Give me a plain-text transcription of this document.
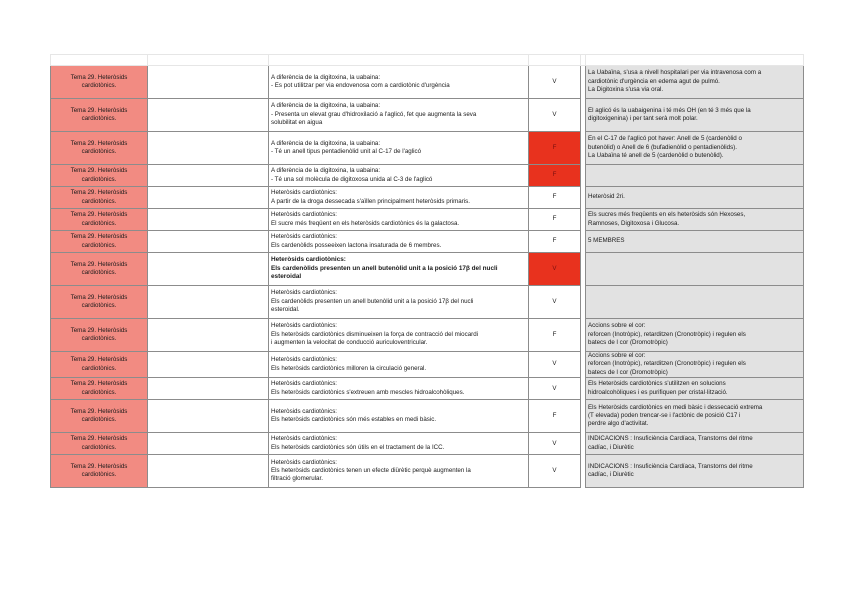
Tema 29. Heteròsids
cardiotònics.		A diferència de la digitoxina, la uabaina:
- Es pot utilitzar per via endovenosa com a cardiotònic d'urgència	V		La Uabaïna, s'usa a nivell hospitalari per via intravenosa com a
cardiotònic d'urgència en edema agut de pulmó.
La Digitoxina s'usa via oral.

Tema 29. Heteròsids
cardiotònics.		A diferència de la digitoxina, la uabaina:
- Presenta un elevat grau d'hidroxilació a l'aglicó, fet que augmenta la seva
solubilitat en aigua	V		El aglicó és la uabaigenina i té més OH (en té 3 més que la
digitoxigenina) i per tant serà molt polar.

Tema 29. Heteròsids
cardiotònics.		A diferència de la digitoxina, la uabaina:
- Té un anell tipus pentadienòlid unit al C-17 de l'aglicó	F		En el C-17 de l'aglicó pot haver: Anell de 5 (cardenòlid o
butenòlid) o Anell de 6 (bufadienòlid o pentadienòlids).
La Uabaïna té anell de 5 (cardenòlid o butenòlid).

Tema 29. Heteròsids
cardiotònics.		A diferència de la digitoxina, la uabaina:
- Té una sol molècula de digitoxosa unida al C-3 de l'aglicó	F		

Tema 29. Heteròsids
cardiotònics.		Heteròsids cardiotònics:
A partir de la droga dessecada s'aïllen principalment heteròsids primaris.	F		Heteròsid 2ri.

Tema 29. Heteròsids
cardiotònics.		Heteròsids cardiotònics:
El sucre més freqüent en els heteròsids cardiotònics és la galactosa.	F		Els sucres més freqüents en els heteròsids són Hexoses,
Ramnoses, Digitoxosa i Glucosa.

Tema 29. Heteròsids
cardiotònics.		Heteròsids cardiotònics:
Els cardenòlids posseeixen lactona insaturada de 6 membres.	F		5 MEMBRES

Tema 29. Heteròsids
cardiotònics.		Heteròsids cardiotònics:
Els cardenòlids presenten un anell butenòlid unit a la posició 17β del nucli
esteroidal	V		

Tema 29. Heteròsids
cardiotònics.		Heteròsids cardiotònics:
Els cardenòlids presenten un anell butenòlid unit a la posició 17β del nucli
esteroidal.	V		

Tema 29. Heteròsids
cardiotònics.		Heteròsids cardiotònics:
Els heteròsids cardiotònics disminueixen la força de contracció del miocardi
i augmenten la velocitat de conducció auriculoventricular.	F		Accions sobre el cor:
reforcen (Inotròpic), retarditzen (Cronotròpic) i regulen els
batecs de l cor (Dromotròpic)

Tema 29. Heteròsids
cardiotònics.		Heteròsids cardiotònics:
Els heteròsids cardiotònics milloren la circulació general.	V		Accions sobre el cor:
reforcen (Inotròpic), retarditzen (Cronotròpic) i regulen els
batecs de l cor (Dromotròpic)

Tema 29. Heteròsids
cardiotònics.		Heteròsids cardiotònics:
Els heteròsids cardiotònics s'extreuen amb mescles hidroalcohòliques.	V		Els Heteròsids cardiotònics s'utilitzen en solucions
hidroalcohòliques i es purifiquen per cristal·lització.

Tema 29. Heteròsids
cardiotònics.		Heteròsids cardiotònics:
Els heteròsids cardiotònics són més estables en medi bàsic.	F		Els Heteròsids cardiotònics en medi bàsic i dessecació extrema
(T elevada) poden trencar-se i l'actònic de posició C17 i
perdre algo d'activitat.

Tema 29. Heteròsids
cardiotònics.		Heteròsids cardiotònics:
Els heteròsids cardiotònics són útils en el tractament de la ICC.	V		INDICACIONS : Insuficiència Cardíaca, Transtorns del ritme
cadíac, i Diurètic

Tema 29. Heteròsids
cardiotònics.		Heteròsids cardiotònics:
Els heteròsids cardiotònics tenen un efecte diürètic perquè augmenten la
filtració glomerular.	V		INDICACIONS : Insuficiència Cardíaca, Transtorns del ritme
cadíac, i Diurètic
